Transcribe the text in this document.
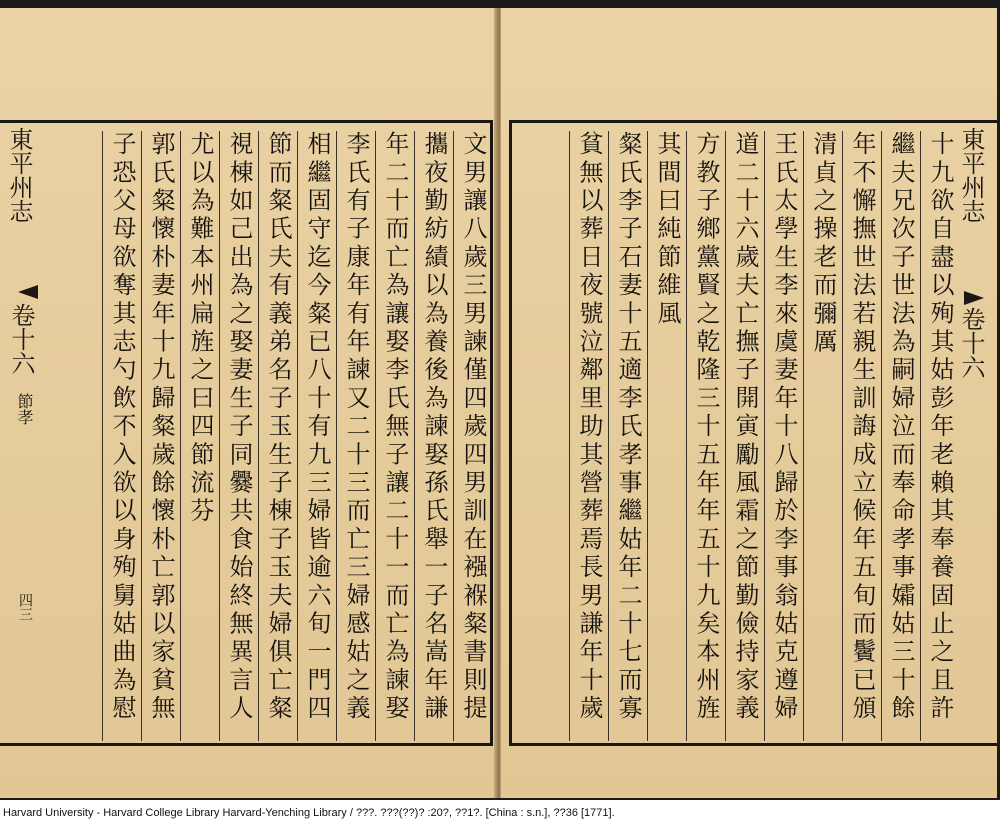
文男讓八歲三男諫僅四歲四男訓在襁褓粲書則提
攜夜勤紡績以為養後為諫娶孫氏舉一子名嵩年謙
年二十而亡為讓娶李氏無子讓二十一而亡為諫娶
李氏有子康年有年諫又二十三而亡三婦感姑之義
相繼固守迄今粲已八十有九三婦皆逾六旬一門四
節而粲氏夫有義弟名子玉生子棟子玉夫婦俱亡粲
視棟如己出為之娶妻生子同爨共食始終無異言人
尤以為難本州扁旌之曰四節流芬
郭氏粲懷朴妻年十九歸粲歲餘懷朴亡郭以家貧無
子恐父母欲奪其志勺飲不入欲以身殉舅姑曲為慰
東平州志
卷十六
節孝
四三	十九欲自盡以殉其姑彭年老賴其奉養固止之且許
繼夫兄次子世法為嗣婦泣而奉命孝事孀姑三十餘
年不懈撫世法若親生訓誨成立候年五旬而鬢已頒
清貞之操老而彌厲
王氏太學生李來虞妻年十八歸於李事翁姑克遵婦
道二十六歲夫亡撫子開寅勵風霜之節勤儉持家義
方教子鄉黨賢之乾隆三十五年年五十九矣本州旌
其間曰純節維風
粲氏李子石妻十五適李氏孝事繼姑年二十七而寡
貧無以葬日夜號泣鄰里助其營葬焉長男謙年十歲	東平州志
卷十六
Harvard University - Harvard College Library Harvard-Yenching Library / ???. ???(??)? :20?, ??1?. [China : s.n.], ??36 [1771].
